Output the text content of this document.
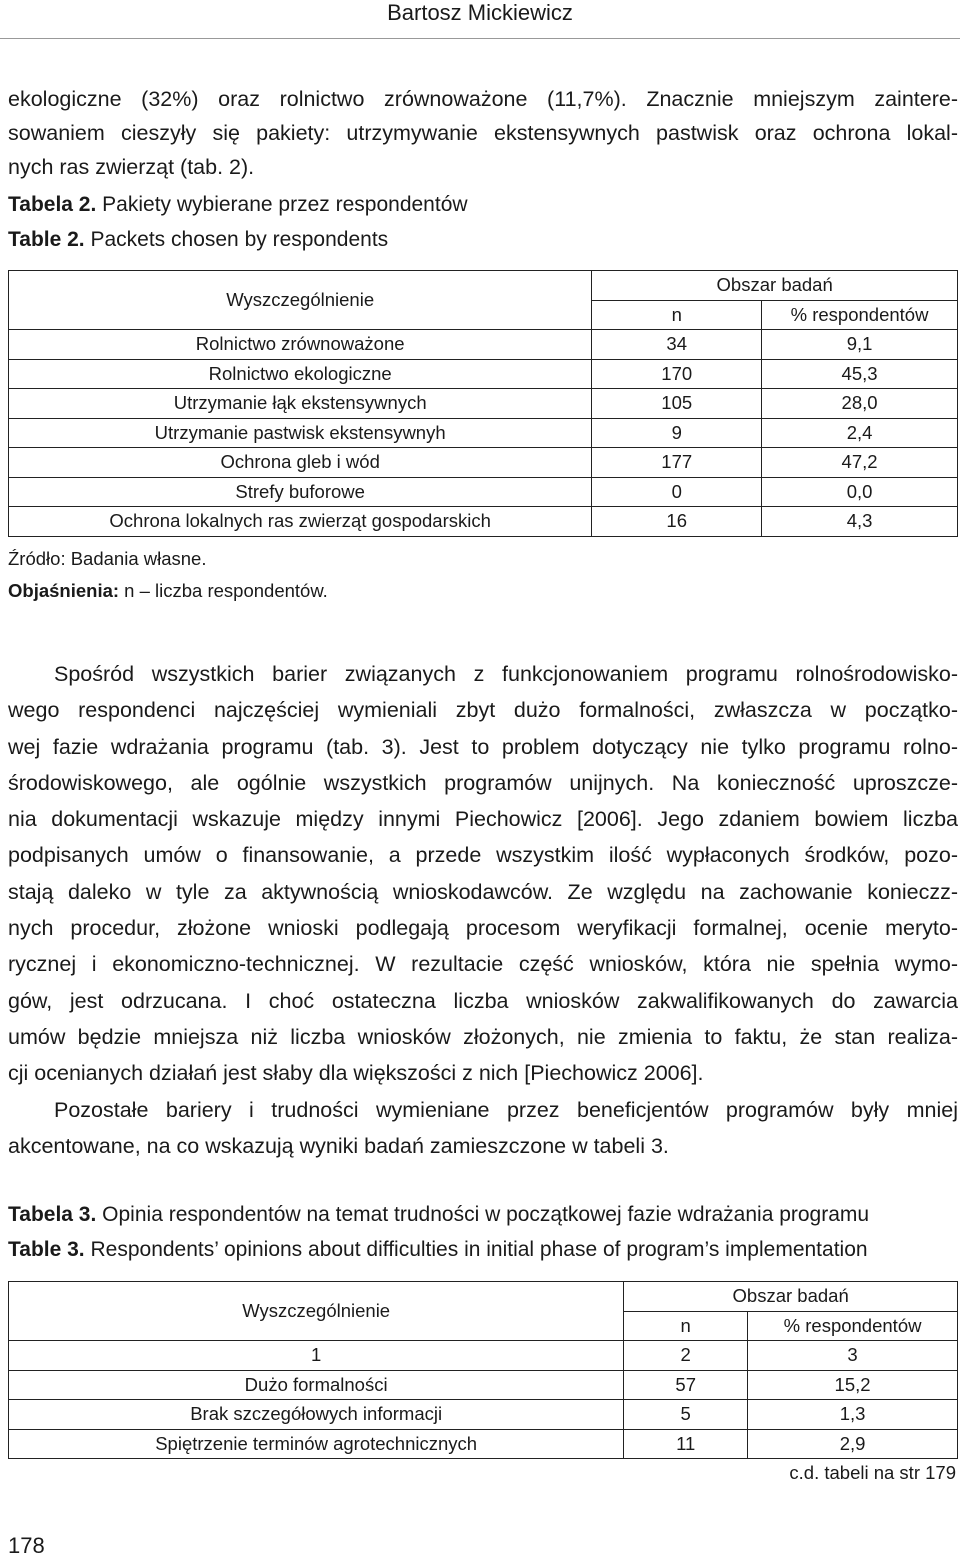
Bartosz Mickiewicz
ekologiczne (32%) oraz rolnictwo zrównoważone (11,7%). Znacznie mniejszym zaintere-
sowaniem cieszyły się pakiety: utrzymywanie ekstensywnych pastwisk oraz ochrona lokal-
nych ras zwierząt (tab. 2).
Tabela 2. Pakiety wybierane przez respondentów
Table 2. Packets chosen by respondents
Wyszczególnienie	Obszar badań	
	n	% respondentów
Rolnictwo zrównoważone	34	9,1
Rolnictwo ekologiczne	170	45,3
Utrzymanie łąk ekstensywnych	105	28,0
Utrzymanie pastwisk ekstensywnyh	9	2,4
Ochrona gleb i wód	177	47,2
Strefy buforowe	0	0,0
Ochrona lokalnych ras zwierząt gospodarskich	16	4,3
Źródło: Badania własne.
Objaśnienia: n – liczba respondentów.
Spośród wszystkich barier związanych z funkcjonowaniem programu rolnośrodowisko-
wego respondenci najczęściej wymieniali zbyt dużo formalności, zwłaszcza w początko-
wej fazie wdrażania programu (tab. 3). Jest to problem dotyczący nie tylko programu rolno-
środowiskowego, ale ogólnie wszystkich programów unijnych. Na konieczność uproszcze-
nia dokumentacji wskazuje między innymi Piechowicz [2006]. Jego zdaniem bowiem liczba
podpisanych umów o finansowanie, a przede wszystkim ilość wypłaconych środków, pozo-
stają daleko w tyle za aktywnością wnioskodawców. Ze względu na zachowanie konieczz-
nych procedur, złożone wnioski podlegają procesom weryfikacji formalnej, ocenie meryto-
rycznej i ekonomiczno-technicznej. W rezultacie część wniosków, która nie spełnia wymo-
gów, jest odrzucana. I choć ostateczna liczba wniosków zakwalifikowanych do zawarcia
umów będzie mniejsza niż liczba wniosków złożonych, nie zmienia to faktu, że stan realiza-
cji ocenianych działań jest słaby dla większości z nich [Piechowicz 2006].
Pozostałe bariery i trudności wymieniane przez beneficjentów programów były mniej
akcentowane, na co wskazują wyniki badań zamieszczone w tabeli 3.
Tabela 3. Opinia respondentów na temat trudności w początkowej fazie wdrażania programu
Table 3. Respondents’ opinions about difficulties in initial phase of program’s implementation
Wyszczególnienie	Obszar badań	
	n	% respondentów
1	2	3
Dużo formalności	57	15,2
Brak szczegółowych informacji	5	1,3
Spiętrzenie terminów agrotechnicznych	11	2,9
c.d. tabeli na str 179
178
